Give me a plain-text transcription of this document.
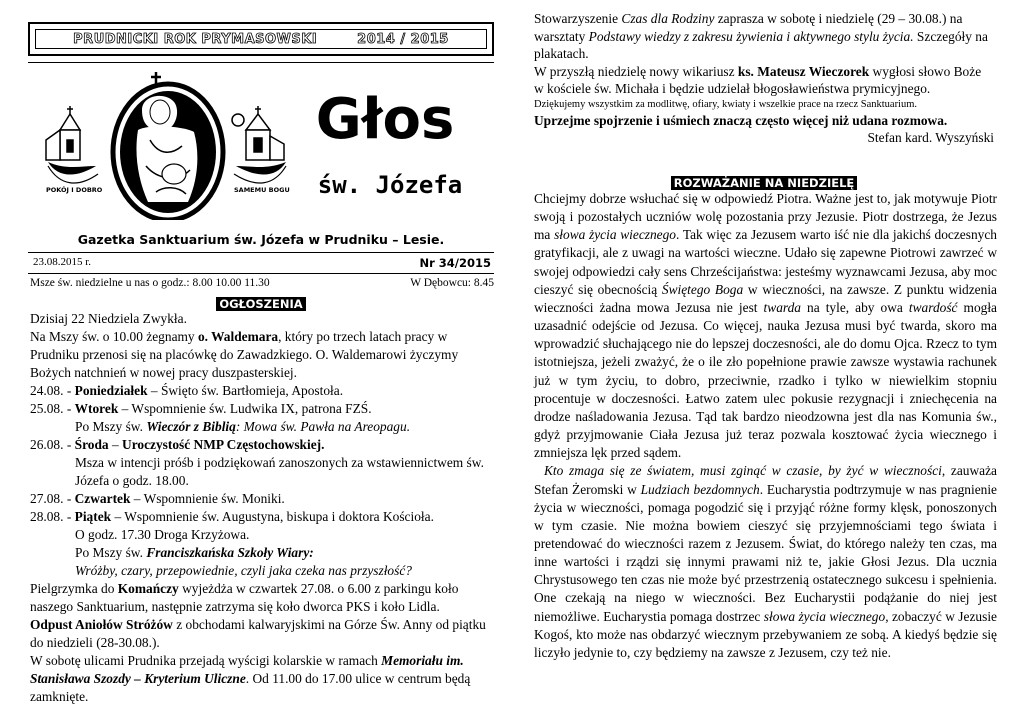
PRUDNICKI ROK PRYMASOWSKI	2014 / 2015
POKÓJ I DOBRO	SAMEMU BOGU
Głos
św. Józefa
Gazetka Sanktuarium św. Józefa w Prudniku – Lesie.
23.08.2015 r.	Nr 34/2015
Msze św. niedzielne u nas o godz.: 8.00 10.00 11.30	W Dębowcu: 8.45
OGŁOSZENIA

Dzisiaj 22 Niedziela Zwykła.

Na Mszy św. o 10.00 żegnamy o. Waldemara, który po trzech latach pracy w Prudniku przenosi się na placówkę do Zawadzkiego. O. Waldemarowi życzymy Bożych natchnień w nowej pracy duszpasterskiej.

24.08. - Poniedziałek – Święto św. Bartłomieja, Apostoła.

25.08. - Wtorek – Wspomnienie św. Ludwika IX, patrona FZŚ.

Po Mszy św. Wieczór z Biblią: Mowa św. Pawła na Areopagu.

26.08. - Środa – Uroczystość NMP Częstochowskiej.

Msza w intencji próśb i podziękowań zanoszonych za wstawiennictwem św. Józefa o godz. 18.00.

27.08. - Czwartek – Wspomnienie św. Moniki.

28.08. - Piątek – Wspomnienie św. Augustyna, biskupa i doktora Kościoła.

O godz. 17.30 Droga Krzyżowa.

Po Mszy św. Franciszkańska Szkoły Wiary:

Wróżby, czary, przepowiednie, czyli jaka czeka nas przyszłość?

Pielgrzymka do Komańczy wyjeżdża w czwartek 27.08. o 6.00 z parkingu koło naszego Sanktuarium, następnie zatrzyma się koło dworca PKS i koło Lidla.

Odpust Aniołów Stróżów z obchodami kalwaryjskimi na Górze Św. Anny od piątku do niedzieli (28-30.08.).

W sobotę ulicami Prudnika przejadą wyścigi kolarskie w ramach Memoriału im. Stanisława Szozdy – Kryterium Uliczne. Od 11.00 do 17.00 ulice w centrum będą zamknięte.

Stowarzyszenie Czas dla Rodziny zaprasza w sobotę i niedzielę (29 – 30.08.) na warsztaty Podstawy wiedzy z zakresu żywienia i aktywnego stylu życia. Szczegóły na plakatach.

W przyszłą niedzielę nowy wikariusz ks. Mateusz Wieczorek wygłosi słowo Boże w kościele św. Michała i będzie udzielał błogosławieństwa prymicyjnego.

Dziękujemy wszystkim za modlitwę, ofiary, kwiaty i wszelkie prace na rzecz Sanktuarium.

Uprzejme spojrzenie i uśmiech znaczą często więcej niż udana rozmowa.

Stefan kard. Wyszyński

ROZWAŻANIE NA NIEDZIELĘ

Chciejmy dobrze wsłuchać się w odpowiedź Piotra. Ważne jest to, jak motywuje Piotr swoją i pozostałych uczniów wolę pozostania przy Jezusie. Piotr dostrzega, że Jezus ma słowa życia wiecznego. Tak więc za Jezusem warto iść nie dla jakichś doczesnych gratyfikacji, ale z uwagi na wartości wieczne. Udało się zapewne Piotrowi zawrzeć w swojej odpowiedzi cały sens Chrześcijaństwa: jesteśmy wyznawcami Jezusa, aby moc cieszyć się obecnością Świętego Boga w wieczności, na zawsze. Z punktu widzenia wieczności żadna mowa Jezusa nie jest twarda na tyle, aby owa twardość mogła uzasadnić odejście od Jezusa. Co więcej, nauka Jezusa musi być twarda, skoro ma wprowadzić słuchającego nie do lepszej doczesności, ale do domu Ojca. Rzecz to tym istotniejsza, jeżeli zważyć, że o ile zło popełnione prawie zawsze wystawia rachunek już w tym życiu, to dobro, przeciwnie, rzadko i tylko w niewielkim stopniu procentuje w doczesności. Łatwo zatem ulec pokusie rezygnacji i zniechęcenia na drodze naśladowania Jezusa. Tąd tak bardzo nieodzowna jest dla nas Komunia św., gdyż przyjmowanie Ciała Jezusa już teraz pozwala kosztować życia wiecznego i zmniejsza lęk przed sądem.

Kto zmaga się ze światem, musi zginąć w czasie, by żyć w wieczności, zauważa Stefan Żeromski w Ludziach bezdomnych. Eucharystia podtrzymuje w nas pragnienie życia w wieczności, pomaga pogodzić się i przyjąć różne formy klęsk, ponoszonych w tym czasie. Nie można bowiem cieszyć się przyjemnościami tego świata i pretendować do wieczności razem z Jezusem. Świat, do którego należy ten czas, ma inne wartości i rządzi się innymi prawami niż te, jakie Głosi Jezus. Dla ucznia Chrystusowego ten czas nie może być przestrzenią ostatecznego sukcesu i spełnienia. One czekają na niego w wieczności. Bez Eucharystii podążanie do niej jest niemożliwe. Eucharystia pomaga dostrzec słowa życia wiecznego, zobaczyć w Jezusie Kogoś, kto może nas obdarzyć wiecznym przebywaniem ze sobą. A kiedyś będzie się liczyło jedynie to, czy będziemy na zawsze z Jezusem, czy też nie.
